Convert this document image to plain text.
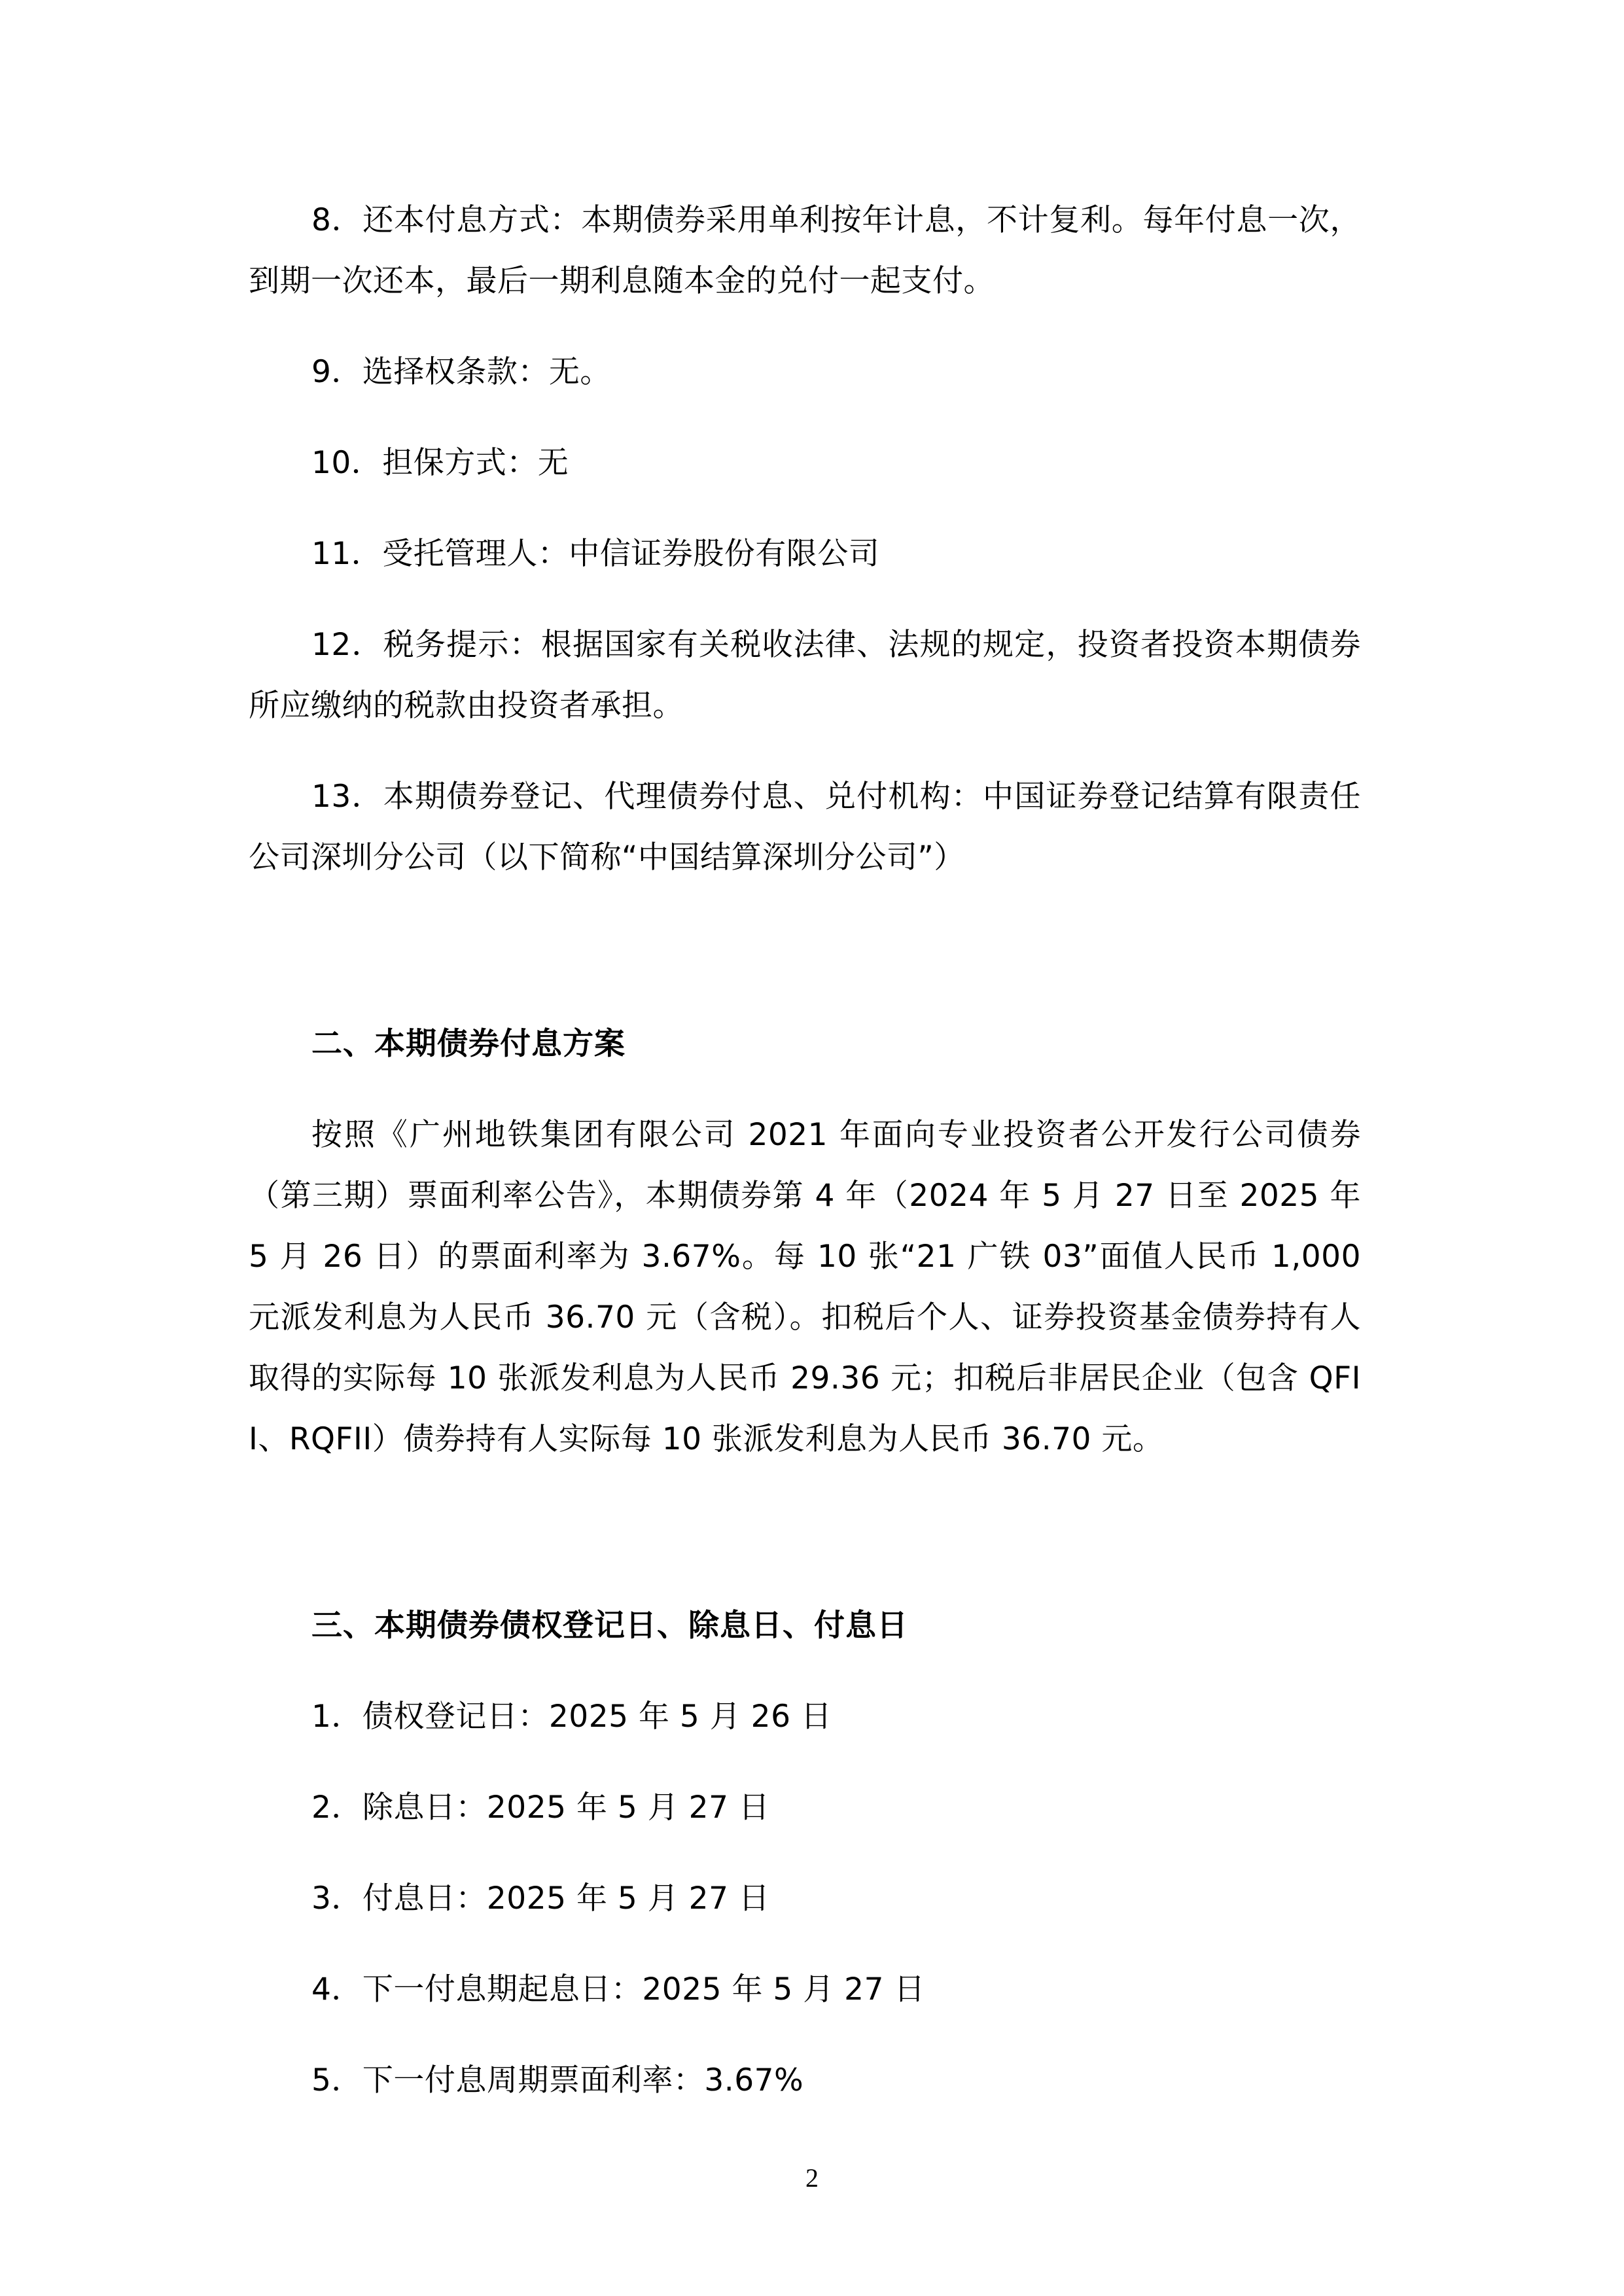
8．还本付息方式：本期债券采用单利按年计息，不计复利。每年付息一次，到期一次还本，最后一期利息随本金的兑付一起支付。

9．选择权条款：无。

10．担保方式：无

11．受托管理人：中信证券股份有限公司

12．税务提示：根据国家有关税收法律、法规的规定，投资者投资本期债券所应缴纳的税款由投资者承担。

13．本期债券登记、代理债券付息、兑付机构：中国证券登记结算有限责任公司深圳分公司（以下简称“中国结算深圳分公司”）

二、本期债券付息方案

按照《广州地铁集团有限公司 2021 年面向专业投资者公开发行公司债券（第三期）票面利率公告》，本期债券第 4 年（2024 年 5 月 27 日至 2025 年 5 月 26 日）的票面利率为 3.67%。每 10 张“21 广铁 03”面值人民币 1,000 元派发利息为人民币 36.70 元（含税）。扣税后个人、证券投资基金债券持有人取得的实际每 10 张派发利息为人民币 29.36 元；扣税后非居民企业（包含 QFII、RQFII）债券持有人实际每 10 张派发利息为人民币 36.70 元。

三、本期债券债权登记日、除息日、付息日

1．债权登记日：2025 年 5 月 26 日

2．除息日：2025 年 5 月 27 日

3．付息日：2025 年 5 月 27 日

4．下一付息期起息日：2025 年 5 月 27 日

5．下一付息周期票面利率：3.67%

2
